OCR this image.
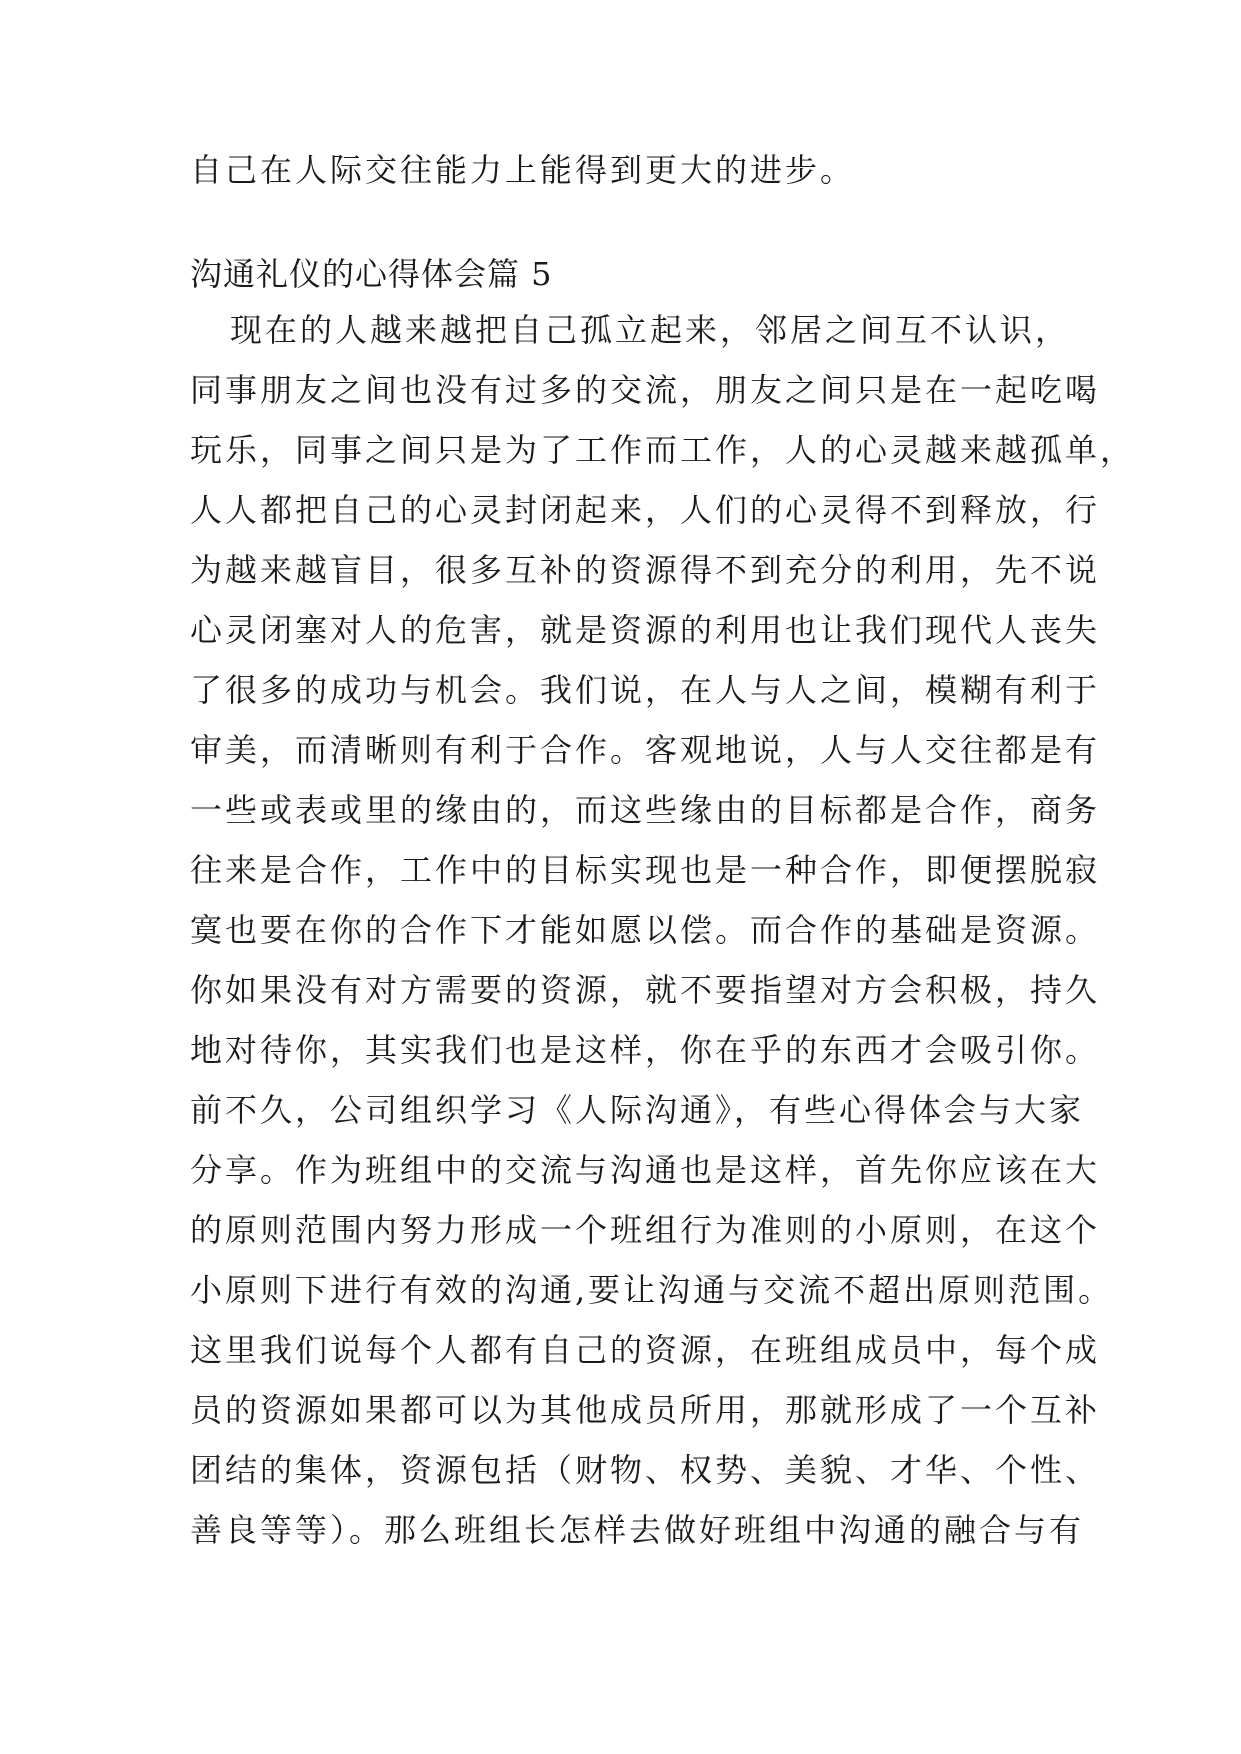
自己在人际交往能力上能得到更大的进步。
沟通礼仪的心得体会篇 5
现在的人越来越把自己孤立起来，邻居之间互不认识，
同事朋友之间也没有过多的交流，朋友之间只是在一起吃喝
玩乐，同事之间只是为了工作而工作，人的心灵越来越孤单，
人人都把自己的心灵封闭起来，人们的心灵得不到释放，行
为越来越盲目，很多互补的资源得不到充分的利用，先不说
心灵闭塞对人的危害，就是资源的利用也让我们现代人丧失
了很多的成功与机会。我们说，在人与人之间，模糊有利于
审美，而清晰则有利于合作。客观地说，人与人交往都是有
一些或表或里的缘由的，而这些缘由的目标都是合作，商务
往来是合作，工作中的目标实现也是一种合作，即便摆脱寂
寞也要在你的合作下才能如愿以偿。而合作的基础是资源。
你如果没有对方需要的资源，就不要指望对方会积极，持久
地对待你，其实我们也是这样，你在乎的东西才会吸引你。
前不久，公司组织学习《人际沟通》，有些心得体会与大家
分享。作为班组中的交流与沟通也是这样，首先你应该在大
的原则范围内努力形成一个班组行为准则的小原则，在这个
小原则下进行有效的沟通,要让沟通与交流不超出原则范围。
这里我们说每个人都有自己的资源，在班组成员中，每个成
员的资源如果都可以为其他成员所用，那就形成了一个互补
团结的集体，资源包括（财物、权势、美貌、才华、个性、
善良等等）。那么班组长怎样去做好班组中沟通的融合与有
